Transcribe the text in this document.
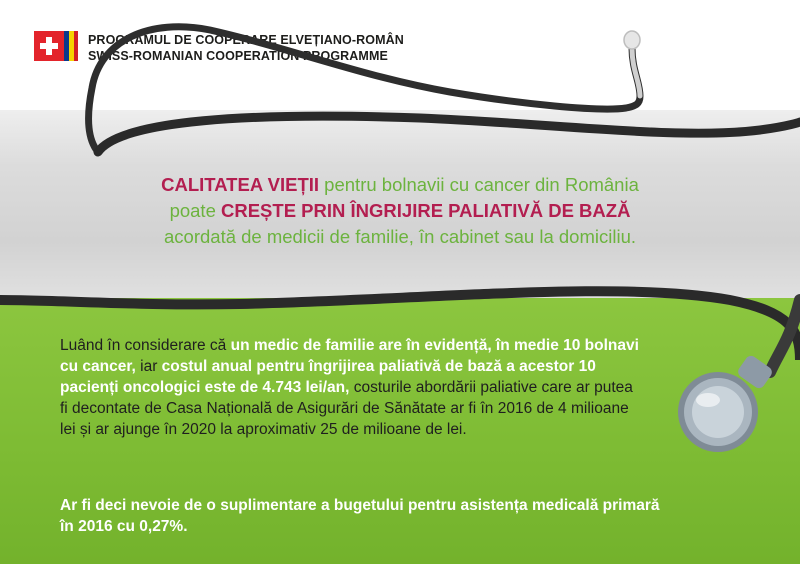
PROGRAMUL DE COOPERARE ELVEȚIANO-ROMÂN
SWISS-ROMANIAN COOPERATION PROGRAMME
CALITATEA VIEȚII pentru bolnavii cu cancer din România
poate CREȘTE PRIN ÎNGRIJIRE PALIATIVĂ DE BAZĂ
acordată de medicii de familie, în cabinet sau la domiciliu.
Luând în considerare că un medic de familie are în evidență, în medie 10 bolnavi cu cancer, iar costul anual pentru îngrijirea paliativă de bază a acestor 10 pacienți oncologici este de 4.743 lei/an, costurile abordării paliative care ar putea fi decontate de Casa Națională de Asigurări de Sănătate ar fi în 2016 de 4 milioane lei și ar ajunge în 2020 la aproximativ 25 de milioane de lei.
Ar fi deci nevoie de o suplimentare a bugetului pentru asistența medicală primară în 2016 cu 0,27%.
